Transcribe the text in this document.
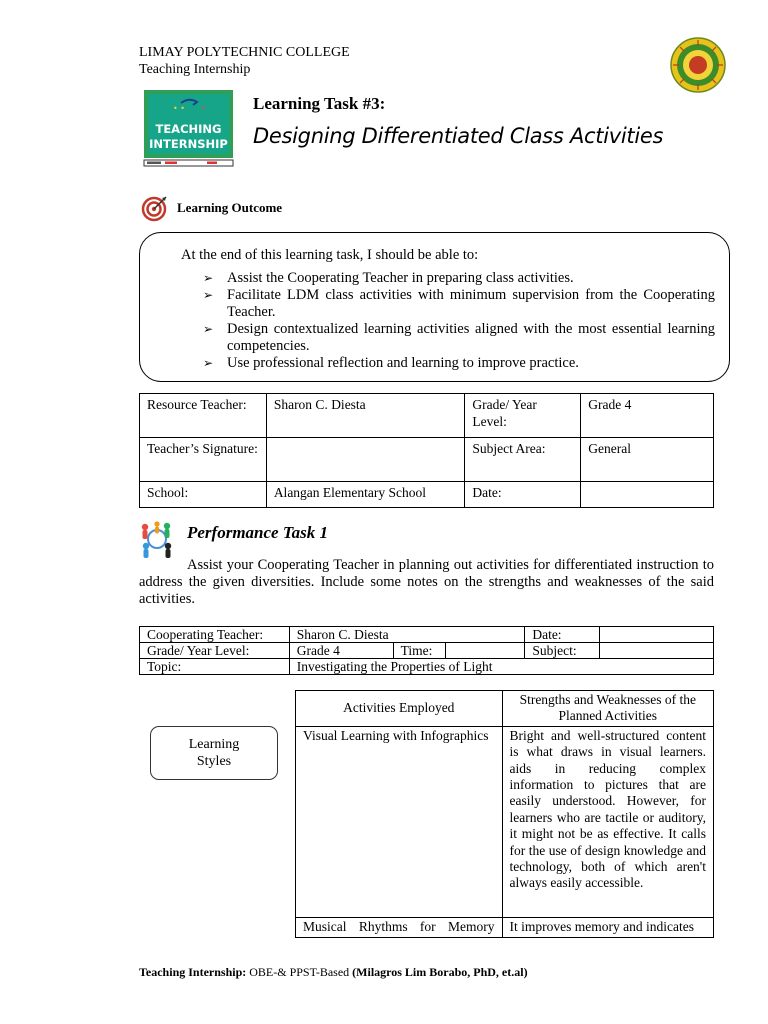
LIMAY POLYTECHNIC COLLEGE
Teaching Internship
• • •
TEACHING
INTERNSHIP
Learning Task #3:
Designing Differentiated Class Activities
Learning Outcome
At the end of this learning task, I should be able to:
➢ Assist the Cooperating Teacher in preparing class activities.
➢ Facilitate LDM class activities with minimum supervision from the Cooperating Teacher.
➢ Design contextualized learning activities aligned with the most essential learning competencies.
➢ Use professional reflection and learning to improve practice.
Resource Teacher:	Sharon C. Diesta	Grade/ Year Level:	Grade 4
Teacher’s Signature:		Subject Area:	General
School:	Alangan Elementary School	Date:	
Performance Task 1
Assist your Cooperating Teacher in planning out activities for differentiated instruction to address the given diversities. Include some notes on the strengths and weaknesses of the said activities.
Cooperating Teacher:	Sharon C. Diesta			Date:	
Grade/ Year Level:	Grade 4	Time:		Subject:	
Topic:	Investigating the Properties of Light				
Learning Styles
Activities Employed	Strengths and Weaknesses of the Planned Activities
Visual Learning with Infographics	Bright and well-structured content is what draws in visual learners. aids in reducing complex information to pictures that are easily understood. However, for learners who are tactile or auditory, it might not be as effective. It calls for the use of design knowledge and technology, both of which aren't always easily accessible.
Musical Rhythms for Memory	It improves memory and indicates
Teaching Internship: OBE-& PPST-Based (Milagros Lim Borabo, PhD, et.al)
